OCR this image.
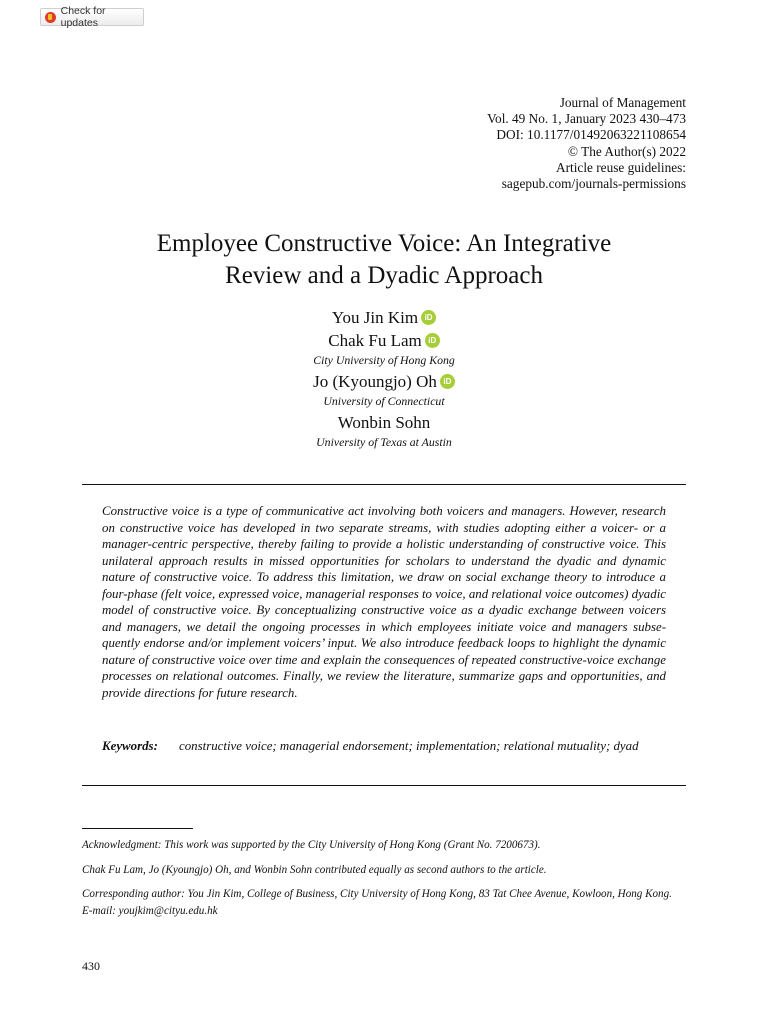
Check for updates
Journal of Management
Vol. 49 No. 1, January 2023 430–473
DOI: 10.1177/01492063221108654
© The Author(s) 2022
Article reuse guidelines:
sagepub.com/journals-permissions
Employee Constructive Voice: An Integrative
Review and a Dyadic Approach
You Jin Kim iD
Chak Fu Lam iD
City University of Hong Kong
Jo (Kyoungjo) Oh iD
University of Connecticut
Wonbin Sohn
University of Texas at Austin
Constructive voice is a type of communicative act involving both voicers and managers. However, research on constructive voice has developed in two separate streams, with studies adopting either a voicer- or a manager-centric perspective, thereby failing to provide a holistic understanding of constructive voice. This unilateral approach results in missed opportunities for scholars to understand the dyadic and dynamic nature of constructive voice. To address this limitation, we draw on social exchange theory to introduce a four-phase (felt voice, expressed voice, managerial responses to voice, and relational voice outcomes) dyadic model of constructive voice. By conceptualizing constructive voice as a dyadic exchange between voicers and managers, we detail the ongoing processes in which employees initiate voice and managers subsequently endorse and/or implement voicers’ input. We also introduce feedback loops to highlight the dynamic nature of constructive voice over time and explain the consequences of repeated constructive-voice exchange processes on relational outcomes. Finally, we review the literature, summarize gaps and opportunities, and provide directions for future research.
Keywords:	constructive voice; managerial endorsement; implementation; relational mutuality; dyad

Acknowledgment: This work was supported by the City University of Hong Kong (Grant No. 7200673).

Chak Fu Lam, Jo (Kyoungjo) Oh, and Wonbin Sohn contributed equally as second authors to the article.

Corresponding author: You Jin Kim, College of Business, City University of Hong Kong, 83 Tat Chee Avenue, Kowloon, Hong Kong.

E-mail: youjkim@cityu.edu.hk

430
